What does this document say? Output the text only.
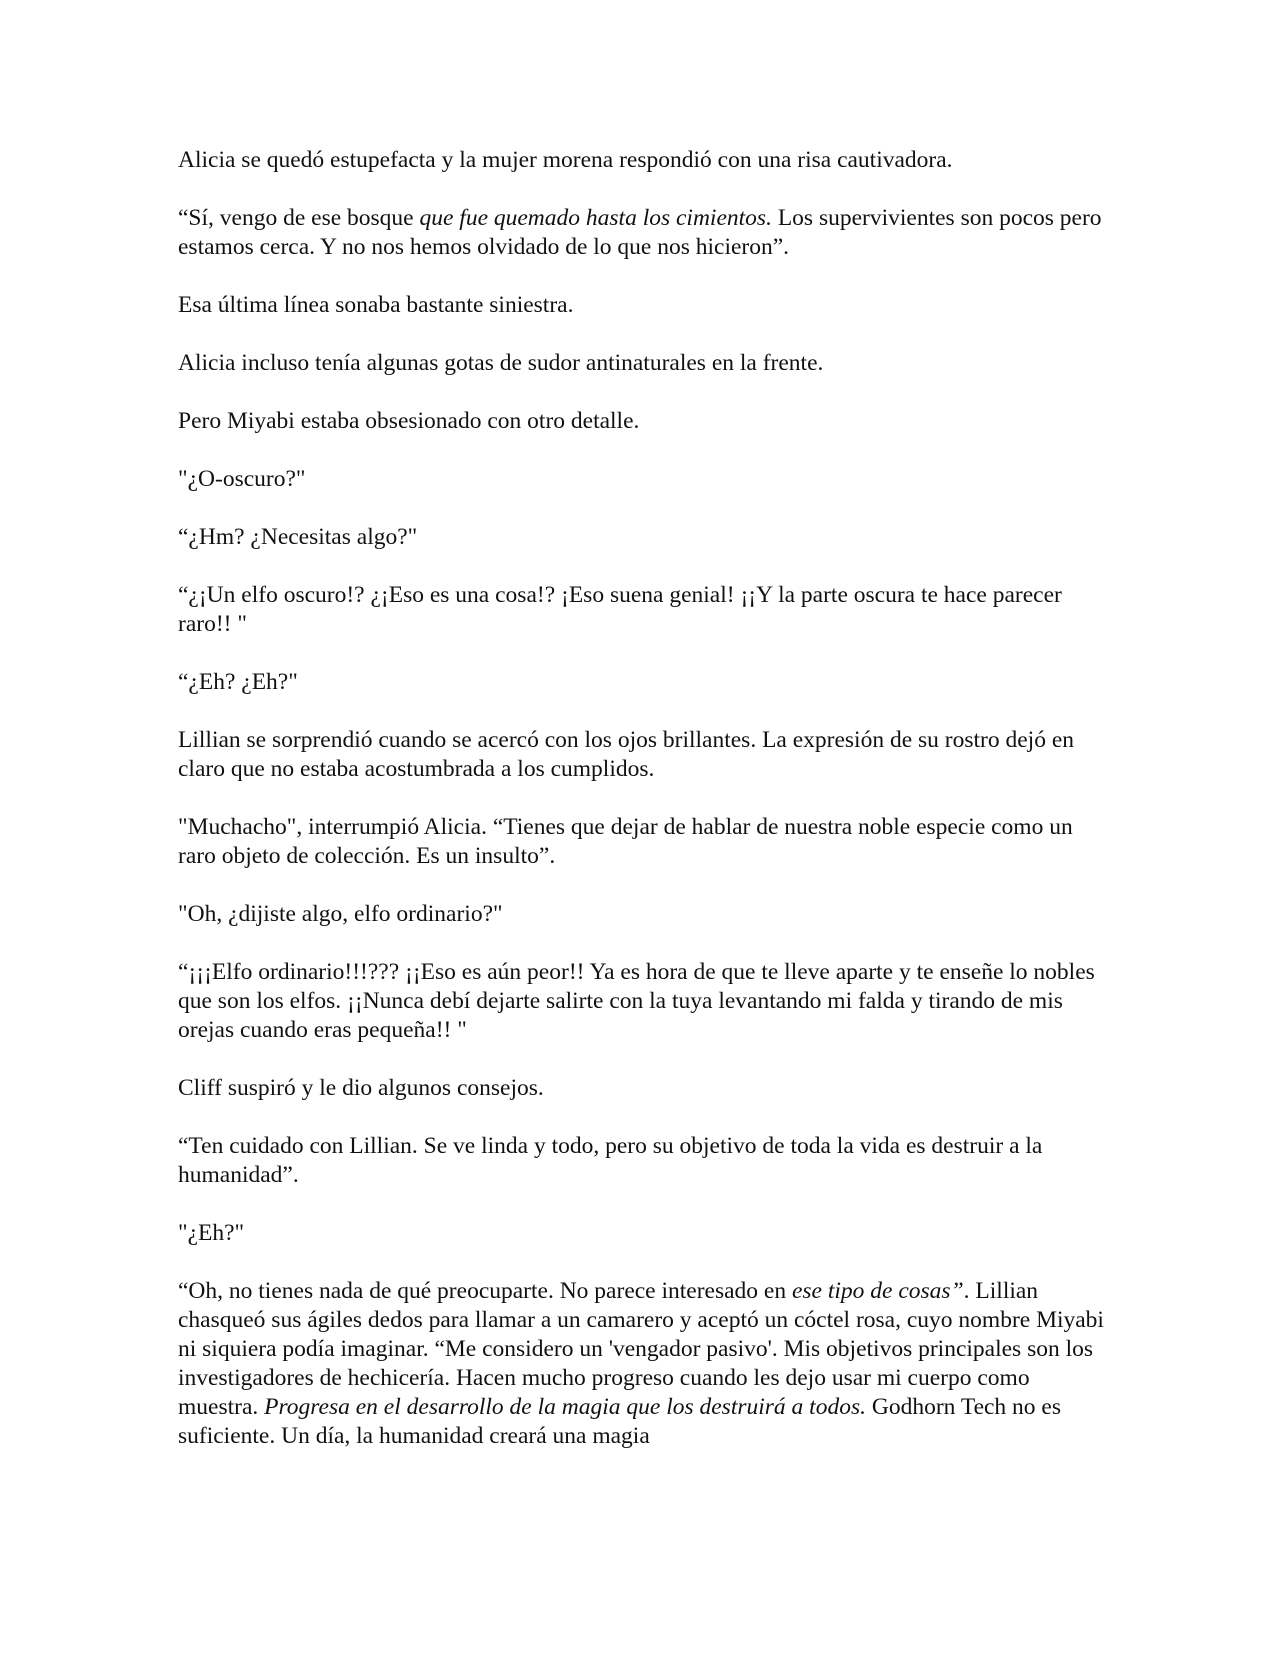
Alicia se quedó estupefacta y la mujer morena respondió con una risa cautivadora.

“Sí, vengo de ese bosque que fue quemado hasta los cimientos. Los supervivientes son pocos pero estamos cerca. Y no nos hemos olvidado de lo que nos hicieron”.

Esa última línea sonaba bastante siniestra.

Alicia incluso tenía algunas gotas de sudor antinaturales en la frente.

Pero Miyabi estaba obsesionado con otro detalle.

"¿O-oscuro?"

“¿Hm? ¿Necesitas algo?"

“¿¡Un elfo oscuro!? ¿¡Eso es una cosa!? ¡Eso suena genial! ¡¡Y la parte oscura te hace parecer raro!! "

“¿Eh? ¿Eh?"

Lillian se sorprendió cuando se acercó con los ojos brillantes. La expresión de su rostro dejó en claro que no estaba acostumbrada a los cumplidos.

"Muchacho", interrumpió Alicia. “Tienes que dejar de hablar de nuestra noble especie como un raro objeto de colección. Es un insulto”.

"Oh, ¿dijiste algo, elfo ordinario?"

“¡¡¡Elfo ordinario!!!??? ¡¡Eso es aún peor!! Ya es hora de que te lleve aparte y te enseñe lo nobles que son los elfos. ¡¡Nunca debí dejarte salirte con la tuya levantando mi falda y tirando de mis orejas cuando eras pequeña!! "

Cliff suspiró y le dio algunos consejos.

“Ten cuidado con Lillian. Se ve linda y todo, pero su objetivo de toda la vida es destruir a la humanidad”.

"¿Eh?"

“Oh, no tienes nada de qué preocuparte. No parece interesado en ese tipo de cosas”. Lillian chasqueó sus ágiles dedos para llamar a un camarero y aceptó un cóctel rosa, cuyo nombre Miyabi ni siquiera podía imaginar. “Me considero un 'vengador pasivo'. Mis objetivos principales son los investigadores de hechicería. Hacen mucho progreso cuando les dejo usar mi cuerpo como muestra. Progresa en el desarrollo de la magia que los destruirá a todos. Godhorn Tech no es suficiente. Un día, la humanidad creará una magia
